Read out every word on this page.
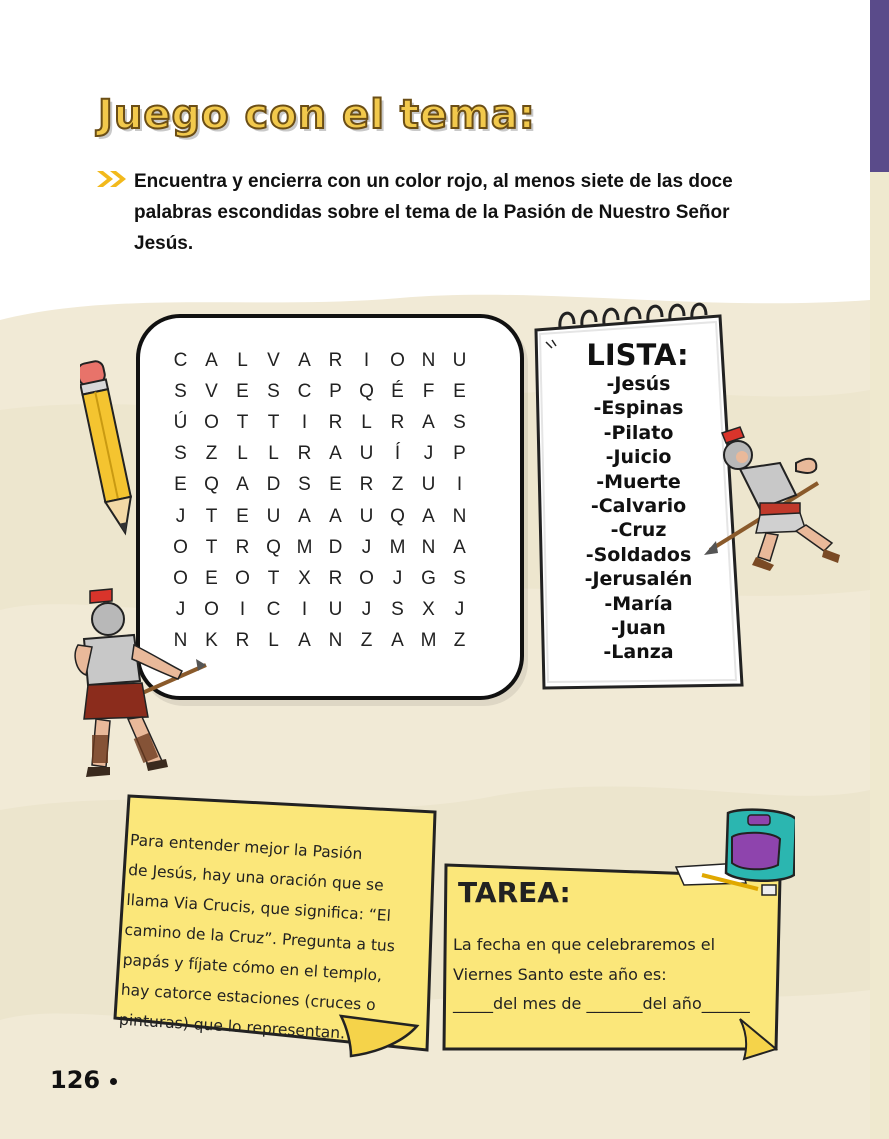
Juego con el tema:
Encuentra y encierra con un color rojo, al menos siete de las doce palabras escondidas sobre el tema de la Pasión de Nuestro Señor Jesús.
C A	L	V A R	I	O N U
S V E S C P Q É F E
Ú O T	T	I	R L R A S
S Z	L	L R A U	Í	J	P
E Q A D S E R Z U	I
J	T E U A A U Q A N
O T R Q M D	J M N A
O E O T X R O J G S
J O	I	C	I	U	J	S X	J
N K R L	A N Z A M Z
LISTA:
-Jesús
-Espinas
-Pilato
-Juicio
-Muerte
-Calvario
-Cruz
-Soldados
-Jerusalén
-María
-Juan
-Lanza
Para entender mejor la Pasión
de Jesús, hay una oración que se
llama Via Crucis, que significa: “El
camino de la Cruz”. Pregunta a tus
papás y fíjate cómo en el templo,
hay catorce estaciones (cruces o
pinturas) que lo representan.
TAREA:
La fecha en que celebraremos el
Viernes Santo este año es:
_____del mes de _______del año______
126
